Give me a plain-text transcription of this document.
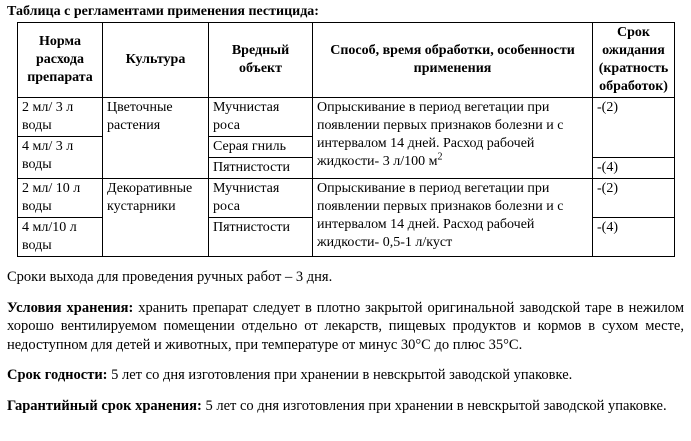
Таблица с регламентами применения пестицида:
Норма расхода препарата	Культура	Вредный объект	Способ, время обработки, особенности применения	Срок ожидания (кратность обработок)
2 мл/ 3 л воды	Цветочные растения	Мучнистая роса	Опрыскивание в период вегетации при появлении первых признаков болезни и с интервалом 14 дней. Расход рабочей жидкости- 3 л/100 $м^2$	-(2)
4 мл/ 3 л воды		Серая гниль		
		Пятнистости		-(4)
2 мл/ 10 л воды	Декоративные кустарники	Мучнистая роса	Опрыскивание в период вегетации при появлении первых признаков болезни и с интервалом 14 дней. Расход рабочей жидкости- 0,5-1 л/куст	-(2)
4 мл/10 л воды		Пятнистости		-(4)

Сроки выхода для проведения ручных работ – 3 дня.

Условия хранения: хранить препарат следует в плотно закрытой оригинальной заводской таре в нежилом хорошо вентилируемом помещении отдельно от лекарств, пищевых продуктов и кормов в сухом месте, недоступном для детей и животных, при температуре от минус 30°C до плюс 35°C.

Срок годности: 5 лет со дня изготовления при хранении в невскрытой заводской упаковке.

Гарантийный срок хранения: 5 лет со дня изготовления при хранении в невскрытой заводской упаковке.
